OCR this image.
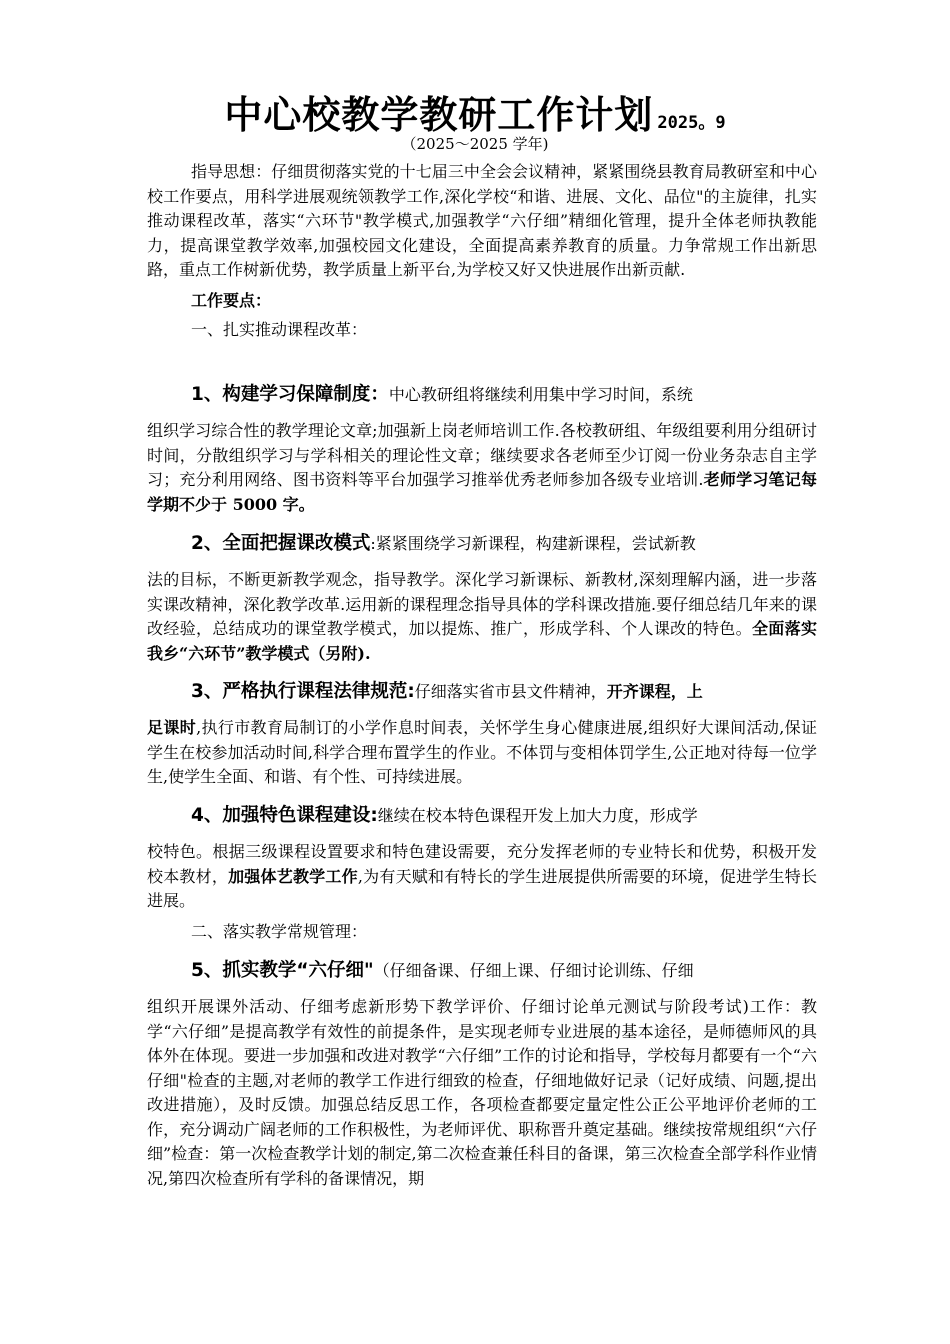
中心校教学教研工作计划 2025。9
（2025～2025 学年)

指导思想：仔细贯彻落实党的十七届三中全会会议精神，紧紧围绕县教育局教研室和中心校工作要点，用科学进展观统领教学工作,深化学校“和谐、进展、文化、品位"的主旋律，扎实推动课程改革，落实“六环节"教学模式,加强教学“六仔细”精细化管理，提升全体老师执教能力，提高课堂教学效率,加强校园文化建设，全面提高素养教育的质量。力争常规工作出新思路，重点工作树新优势，教学质量上新平台,为学校又好又快进展作出新贡献.

工作要点：

一、扎实推动课程改革：

1、构建学习保障制度：中心教研组将继续利用集中学习时间，系统

组织学习综合性的教学理论文章;加强新上岗老师培训工作.各校教研组、年级组要利用分组研讨时间，分散组织学习与学科相关的理论性文章；继续要求各老师至少订阅一份业务杂志自主学习；充分利用网络、图书资料等平台加强学习推举优秀老师参加各级专业培训.老师学习笔记每学期不少于 5000 字。

2、全面把握课改模式:紧紧围绕学习新课程，构建新课程，尝试新教

法的目标，不断更新教学观念，指导教学。深化学习新课标、新教材,深刻理解内涵，进一步落实课改精神，深化教学改革.运用新的课程理念指导具体的学科课改措施.要仔细总结几年来的课改经验，总结成功的课堂教学模式，加以提炼、推广，形成学科、个人课改的特色。全面落实我乡“六环节”教学模式（另附).

3、严格执行课程法律规范:仔细落实省市县文件精神，开齐课程，上

足课时,执行市教育局制订的小学作息时间表，关怀学生身心健康进展,组织好大课间活动,保证学生在校参加活动时间,科学合理布置学生的作业。不体罚与变相体罚学生,公正地对待每一位学生,使学生全面、和谐、有个性、可持续进展。

4、加强特色课程建设:继续在校本特色课程开发上加大力度，形成学

校特色。根据三级课程设置要求和特色建设需要，充分发挥老师的专业特长和优势，积极开发校本教材，加强体艺教学工作,为有天赋和有特长的学生进展提供所需要的环境，促进学生特长进展。

二、落实教学常规管理：

5、抓实教学“六仔细"（仔细备课、仔细上课、仔细讨论训练、仔细

组织开展课外活动、仔细考虑新形势下教学评价、仔细讨论单元测试与阶段考试)工作：教学“六仔细”是提高教学有效性的前提条件，是实现老师专业进展的基本途径，是师德师风的具体外在体现。要进一步加强和改进对教学“六仔细”工作的讨论和指导，学校每月都要有一个“六仔细"检查的主题,对老师的教学工作进行细致的检查，仔细地做好记录（记好成绩、问题,提出改进措施），及时反馈。加强总结反思工作，各项检查都要定量定性公正公平地评价老师的工作，充分调动广阔老师的工作积极性，为老师评优、职称晋升奠定基础。继续按常规组织“六仔细”检查：第一次检查教学计划的制定,第二次检查兼任科目的备课，第三次检查全部学科作业情况,第四次检查所有学科的备课情况，期
